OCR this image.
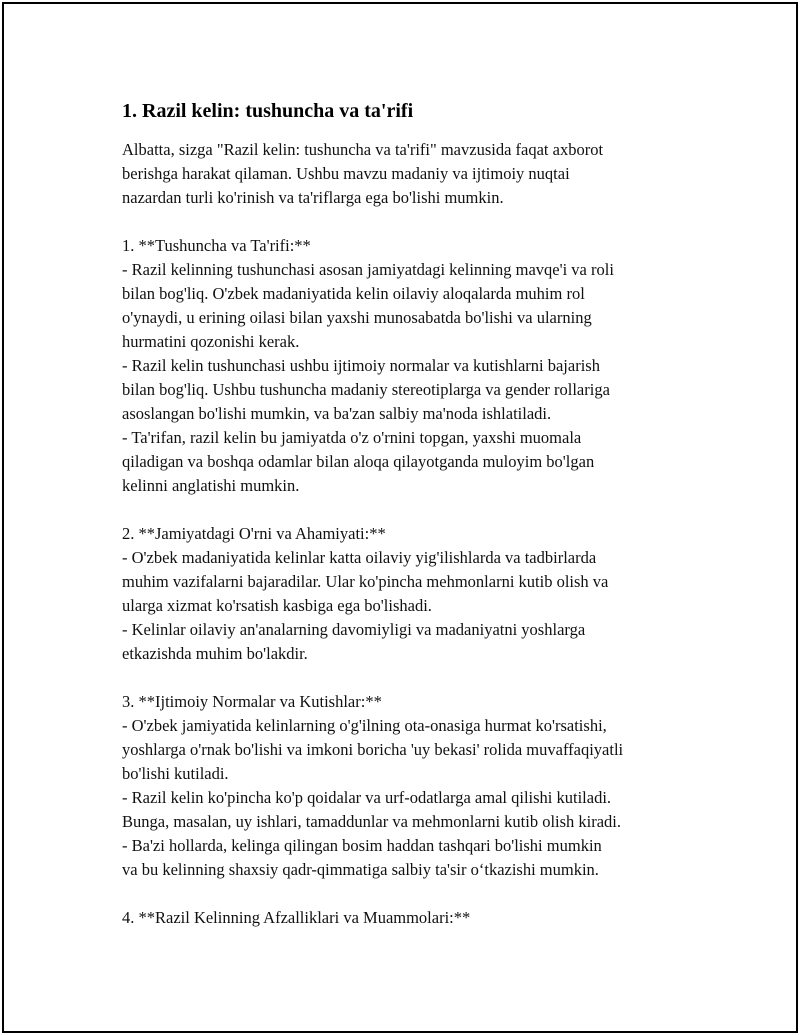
1. Razil kelin: tushuncha va ta'rifi

Albatta, sizga "Razil kelin: tushuncha va ta'rifi" mavzusida faqat axborot
berishga harakat qilaman. Ushbu mavzu madaniy va ijtimoiy nuqtai
nazardan turli ko'rinish va ta'riflarga ega bo'lishi mumkin.

1. **Tushuncha va Ta'rifi:**

- Razil kelinning tushunchasi asosan jamiyatdagi kelinning mavqe'i va roli
bilan bog'liq. O'zbek madaniyatida kelin oilaviy aloqalarda muhim rol
o'ynaydi, u erining oilasi bilan yaxshi munosabatda bo'lishi va ularning
hurmatini qozonishi kerak.

- Razil kelin tushunchasi ushbu ijtimoiy normalar va kutishlarni bajarish
bilan bog'liq. Ushbu tushuncha madaniy stereotiplarga va gender rollariga
asoslangan bo'lishi mumkin, va ba'zan salbiy ma'noda ishlatiladi.

- Ta'rifan, razil kelin bu jamiyatda o'z o'rnini topgan, yaxshi muomala
qiladigan va boshqa odamlar bilan aloqa qilayotganda muloyim bo'lgan
kelinni anglatishi mumkin.

2. **Jamiyatdagi O'rni va Ahamiyati:**

- O'zbek madaniyatida kelinlar katta oilaviy yig'ilishlarda va tadbirlarda
muhim vazifalarni bajaradilar. Ular ko'pincha mehmonlarni kutib olish va
ularga xizmat ko'rsatish kasbiga ega bo'lishadi.

- Kelinlar oilaviy an'analarning davomiyligi va madaniyatni yoshlarga
etkazishda muhim bo'lakdir.

3. **Ijtimoiy Normalar va Kutishlar:**

- O'zbek jamiyatida kelinlarning o'g'ilning ota-onasiga hurmat ko'rsatishi,
yoshlarga o'rnak bo'lishi va imkoni boricha 'uy bekasi' rolida muvaffaqiyatli
bo'lishi kutiladi.

- Razil kelin ko'pincha ko'p qoidalar va urf-odatlarga amal qilishi kutiladi.
Bunga, masalan, uy ishlari, tamaddunlar va mehmonlarni kutib olish kiradi.

- Ba'zi hollarda, kelinga qilingan bosim haddan tashqari bo'lishi mumkin
va bu kelinning shaxsiy qadr-qimmatiga salbiy ta'sir o‘tkazishi mumkin.

4. **Razil Kelinning Afzalliklari va Muammolari:**
